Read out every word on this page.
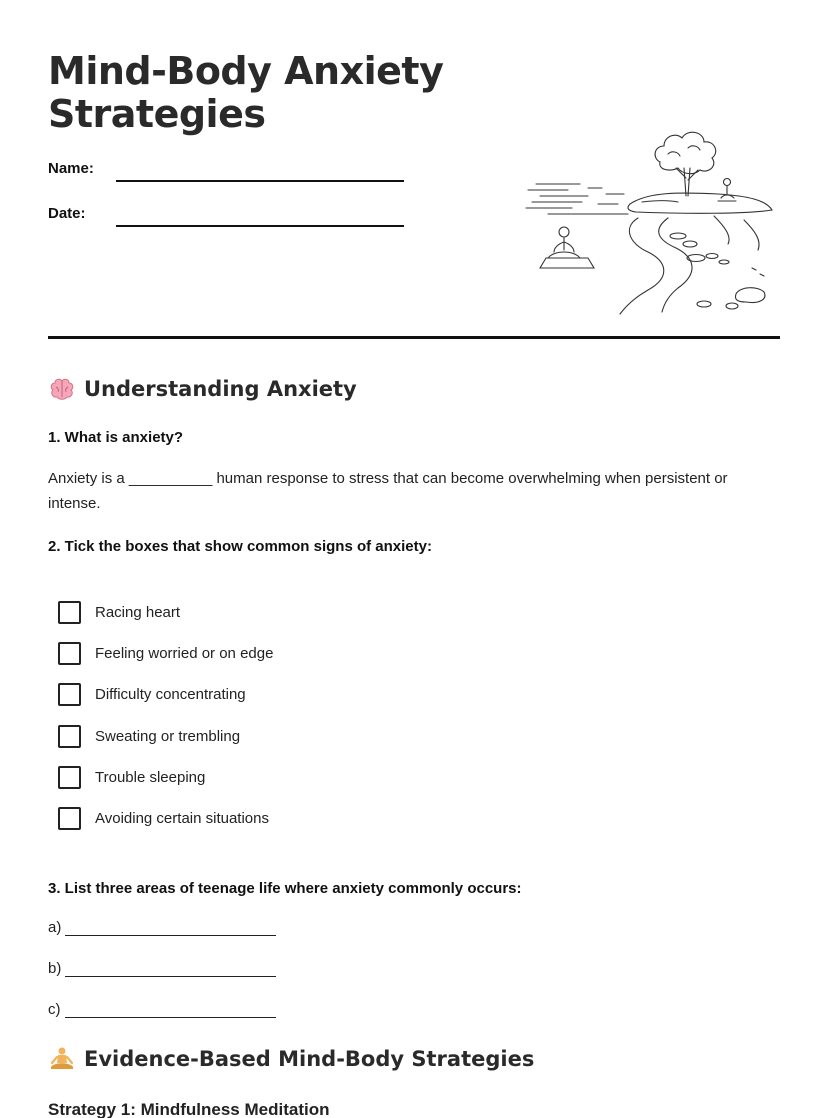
Mind-Body Anxiety Strategies
Name:
Date:
Understanding Anxiety
1. What is anxiety?
Anxiety is a __________ human response to stress that can become overwhelming when persistent or intense.
2. Tick the boxes that show common signs of anxiety:
Racing heart
Feeling worried or on edge
Difficulty concentrating
Sweating or trembling
Trouble sleeping
Avoiding certain situations
3. List three areas of teenage life where anxiety commonly occurs:
a)
b)
c)
Evidence-Based Mind-Body Strategies
Strategy 1: Mindfulness Meditation
